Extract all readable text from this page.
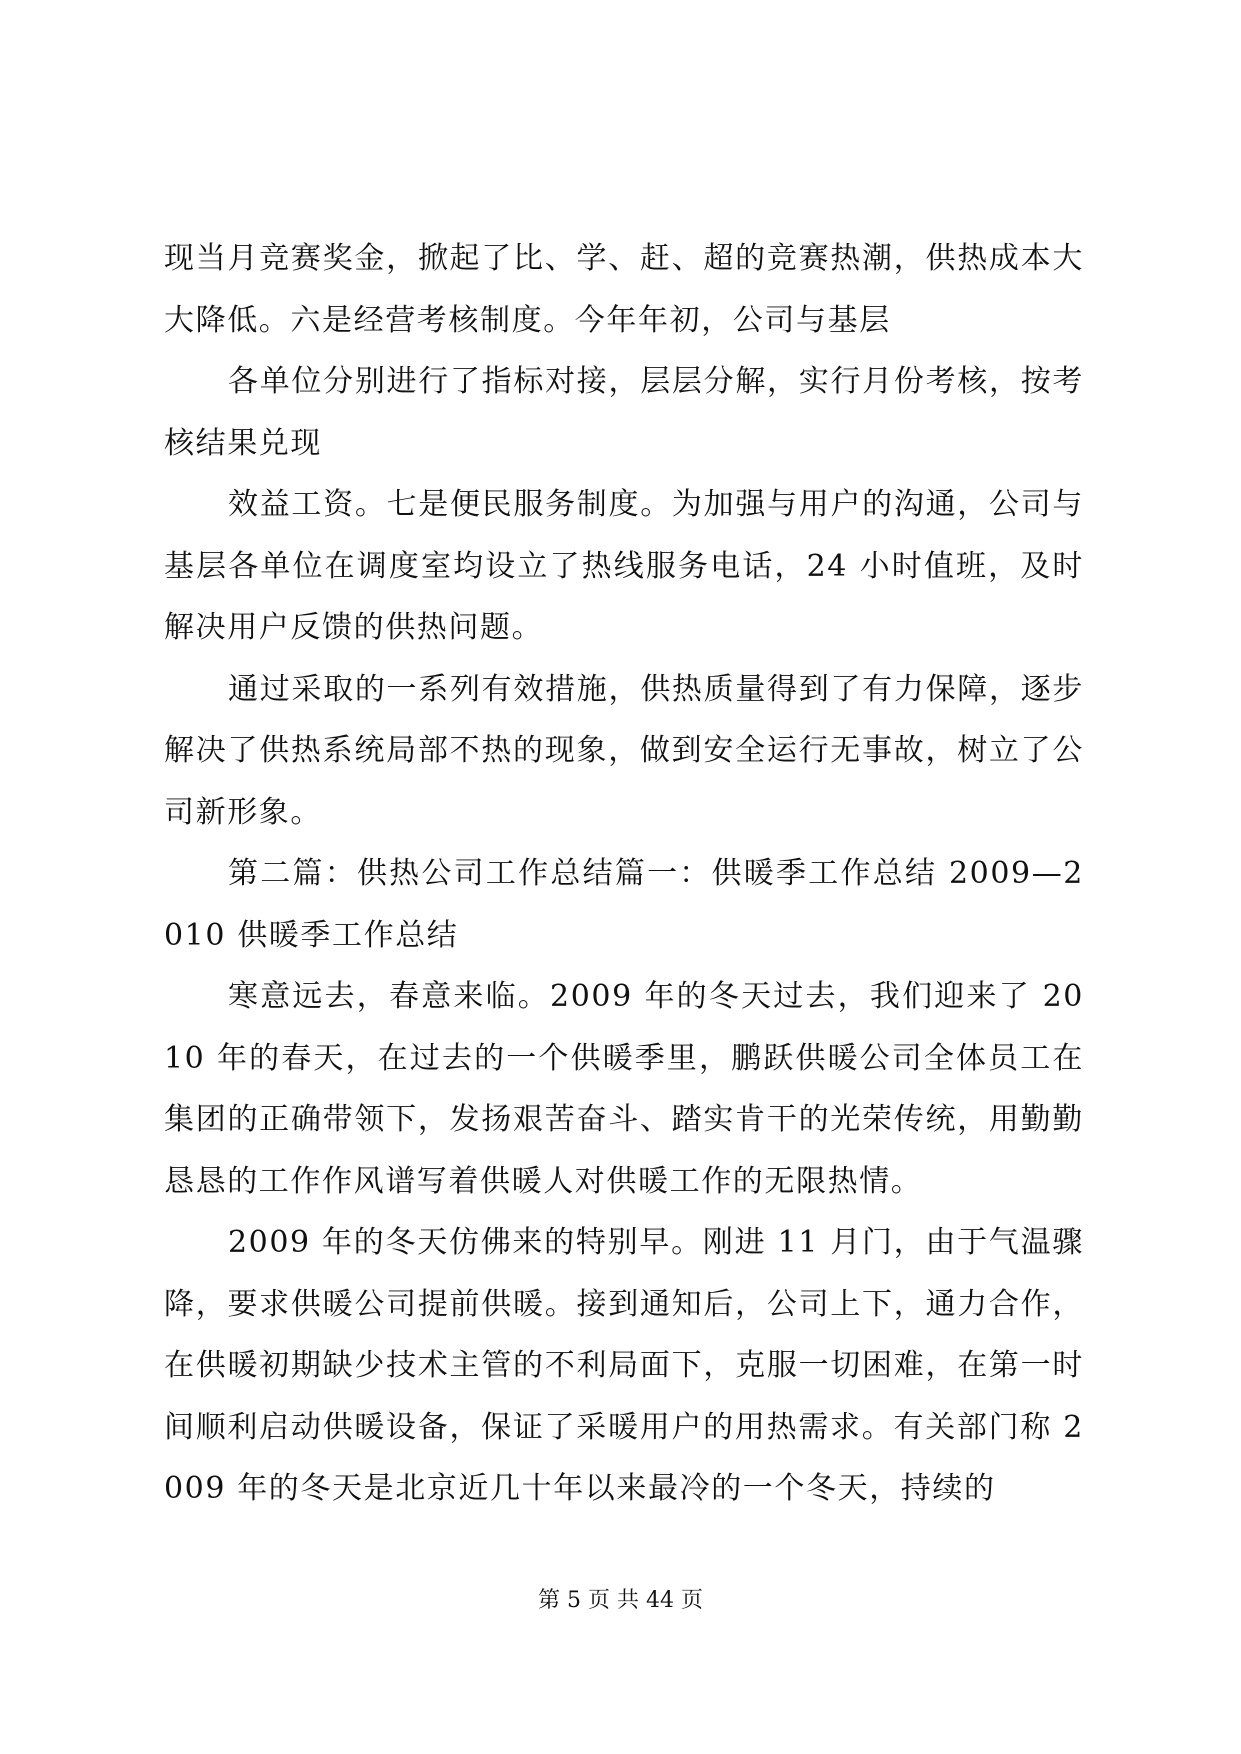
现当月竞赛奖金，掀起了比、学、赶、超的竞赛热潮，供热成本大大降低。六是经营考核制度。今年年初，公司与基层

各单位分别进行了指标对接，层层分解，实行月份考核，按考核结果兑现

效益工资。七是便民服务制度。为加强与用户的沟通，公司与基层各单位在调度室均设立了热线服务电话，24 小时值班，及时解决用户反馈的供热问题。

通过采取的一系列有效措施，供热质量得到了有力保障，逐步解决了供热系统局部不热的现象，做到安全运行无事故，树立了公司新形象。

第二篇：供热公司工作总结篇一：供暖季工作总结 2009—2010 供暖季工作总结

寒意远去，春意来临。2009 年的冬天过去，我们迎来了 2010 年的春天，在过去的一个供暖季里，鹏跃供暖公司全体员工在集团的正确带领下，发扬艰苦奋斗、踏实肯干的光荣传统，用勤勤恳恳的工作作风谱写着供暖人对供暖工作的无限热情。

2009 年的冬天仿佛来的特别早。刚进 11 月门，由于气温骤降，要求供暖公司提前供暖。接到通知后，公司上下，通力合作，在供暖初期缺少技术主管的不利局面下，克服一切困难，在第一时间顺利启动供暖设备，保证了采暖用户的用热需求。有关部门称 2009 年的冬天是北京近几十年以来最冷的一个冬天，持续的

第 5 页 共 44 页
